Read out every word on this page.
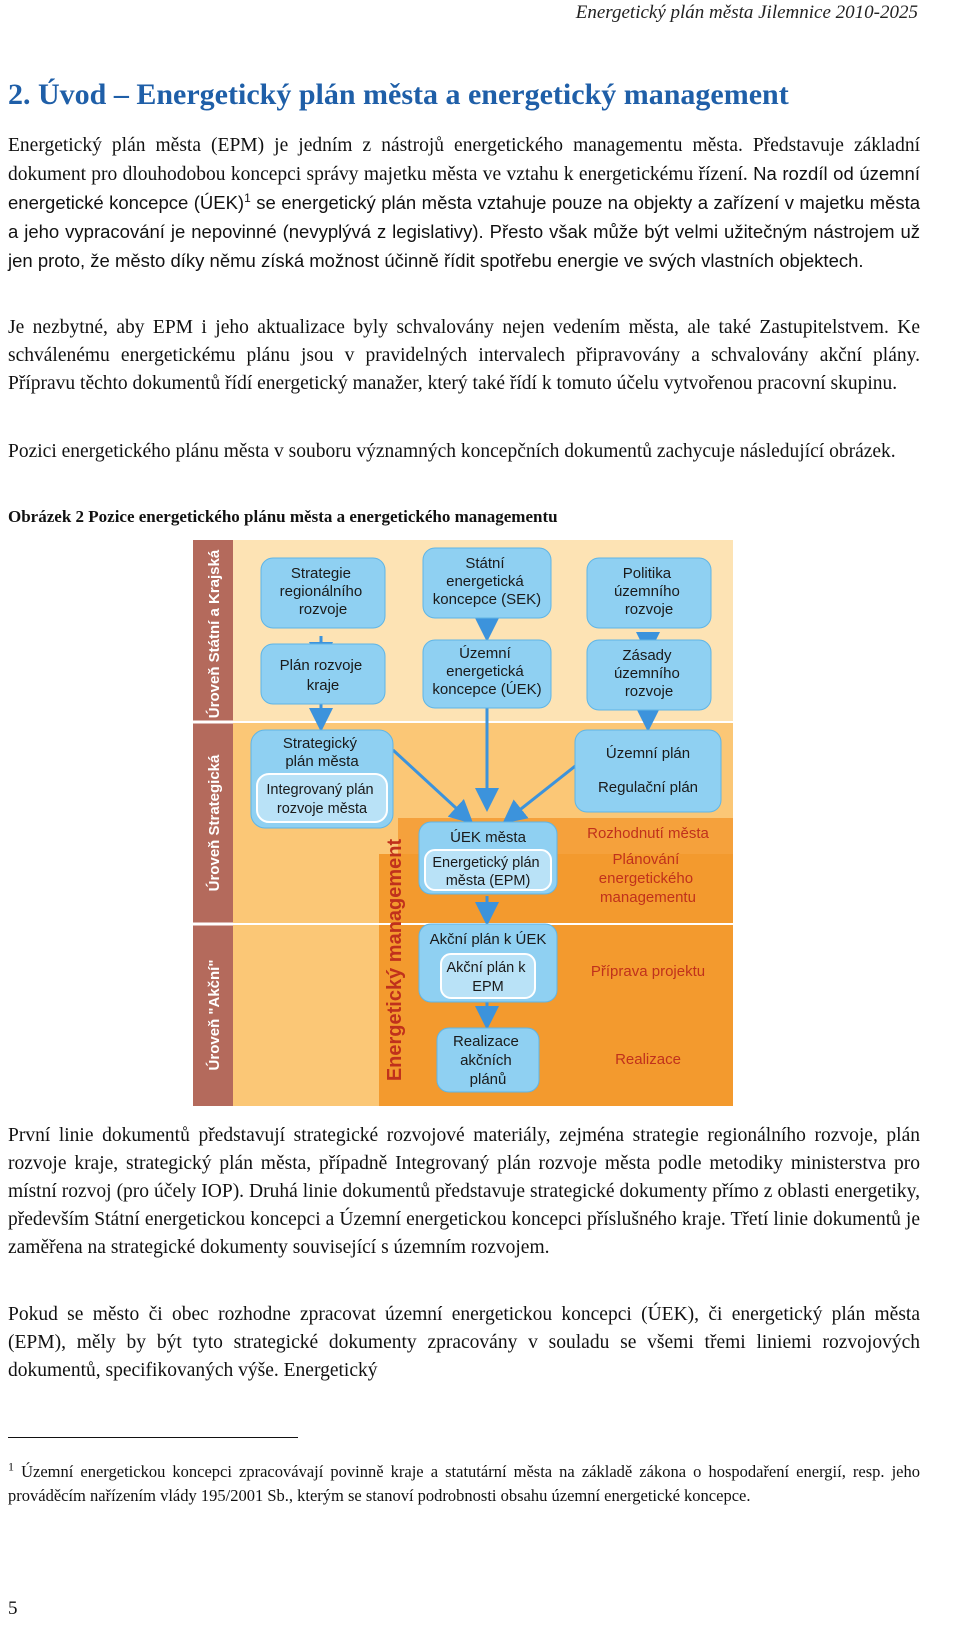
Energetický plán města Jilemnice 2010-2025
2. Úvod – Energetický plán města a energetický management

Energetický plán města (EPM) je jedním z nástrojů energetického managementu města. Představuje základní dokument pro dlouhodobou koncepci správy majetku města ve vztahu k energetickému řízení. Na rozdíl od územní energetické koncepce (ÚEK)$^1$ se energetický plán města vztahuje pouze na objekty a zařízení v majetku města a jeho vypracování je nepovinné (nevyplývá z legislativy). Přesto však může být velmi užitečným nástrojem už jen proto, že město díky němu získá možnost účinně řídit spotřebu energie ve svých vlastních objektech.

Je nezbytné, aby EPM i jeho aktualizace byly schvalovány nejen vedením města, ale také Zastupitelstvem. Ke schválenému energetickému plánu jsou v pravidelných intervalech připravovány a schvalovány akční plány. Přípravu těchto dokumentů řídí energetický manažer, který také řídí k tomuto účelu vytvořenou pracovní skupinu.

Pozici energetického plánu města v souboru významných koncepčních dokumentů zachycuje následující obrázek.

Obrázek 2 Pozice energetického plánu města a energetického managementu

Úroveň Státní a Krajská
Úroveň Strategická
Úroveň "Akční"	Energetický management
Strategie regionálního rozvoje
Plán rozvoje kraje
Strategický plán města
Integrovaný plán rozvoje města
Státní energetická koncepce (SEK)
Územní energetická koncepce (ÚEK)
ÚEK města
Energetický plán města (EPM)
Akční plán k ÚEK
Akční plán k EPM
Realizace akčních plánů
Politika územního rozvoje
Zásady územního rozvoje
Územní plán
Regulační plán
Rozhodnutí města
Plánování energetického managementu
Příprava projektu
Realizace

První linie dokumentů představují strategické rozvojové materiály, zejména strategie regionálního rozvoje, plán rozvoje kraje, strategický plán města, případně Integrovaný plán rozvoje města podle metodiky ministerstva pro místní rozvoj (pro účely IOP). Druhá linie dokumentů představuje strategické dokumenty přímo z oblasti energetiky, především Státní energetickou koncepci a Územní energetickou koncepci příslušného kraje. Třetí linie dokumentů je zaměřena na strategické dokumenty související s územním rozvojem.

Pokud se město či obec rozhodne zpracovat územní energetickou koncepci (ÚEK), či energetický plán města (EPM), měly by být tyto strategické dokumenty zpracovány v souladu se všemi třemi liniemi rozvojových dokumentů, specifikovaných výše. Energetický

$^1$ Územní energetickou koncepci zpracovávají povinně kraje a statutární města na základě zákona o hospodaření energií, resp. jeho prováděcím nařízením vlády 195/2001 Sb., kterým se stanoví podrobnosti obsahu územní energetické koncepce.

5
